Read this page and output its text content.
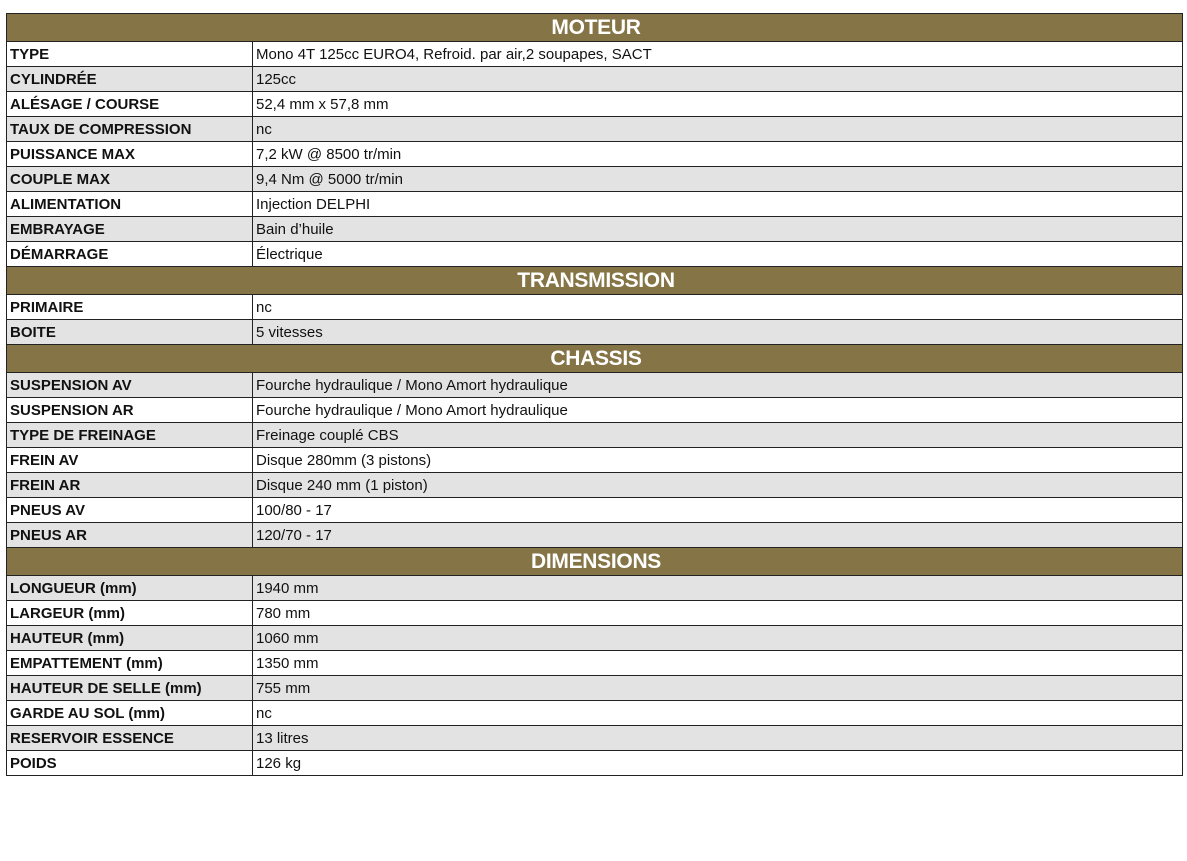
MOTEUR	
TYPE	Mono 4T 125cc EURO4, Refroid. par air,2 soupapes, SACT
CYLINDRÉE	125cc
ALÉSAGE / COURSE	52,4 mm x 57,8 mm
TAUX DE COMPRESSION	nc
PUISSANCE MAX	7,2 kW @ 8500 tr/min
COUPLE MAX	9,4 Nm @ 5000 tr/min
ALIMENTATION	Injection DELPHI
EMBRAYAGE	Bain d’huile
DÉMARRAGE	Électrique
TRANSMISSION	
PRIMAIRE	nc
BOITE	5 vitesses
CHASSIS	
SUSPENSION AV	Fourche hydraulique / Mono Amort hydraulique
SUSPENSION AR	Fourche hydraulique / Mono Amort hydraulique
TYPE DE FREINAGE	Freinage couplé CBS
FREIN AV	Disque 280mm (3 pistons)
FREIN AR	Disque 240 mm (1 piston)
PNEUS AV	100/80 - 17
PNEUS AR	120/70 - 17
DIMENSIONS	
LONGUEUR (mm)	1940 mm
LARGEUR (mm)	780 mm
HAUTEUR (mm)	1060 mm
EMPATTEMENT (mm)	1350 mm
HAUTEUR DE SELLE (mm)	755 mm
GARDE AU SOL (mm)	nc
RESERVOIR ESSENCE	13 litres
POIDS	126 kg
